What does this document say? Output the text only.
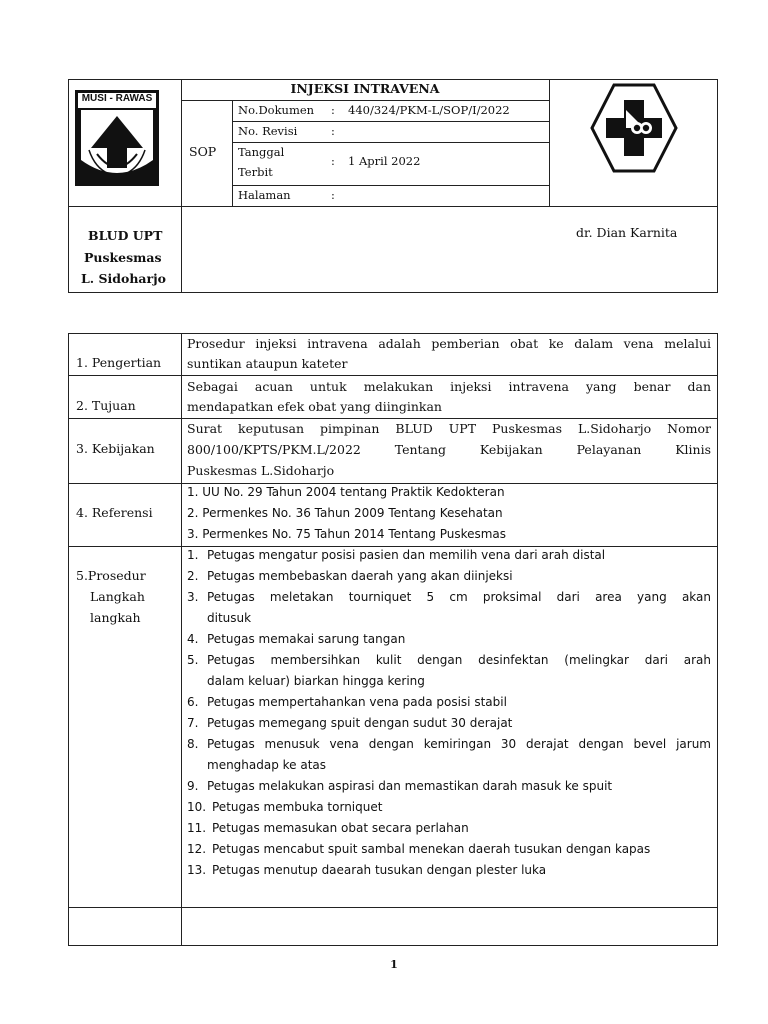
MUSI - RAWAS
INJEKSI INTRAVENA
SOP
No.Dokumen : 440/324/PKM-L/SOP/I/2022
No. Revisi	:
Tanggal
Terbit
: 1 April 2022
Halaman	:
BLUD UPT
Puskesmas
L. Sidoharjo
dr. Dian Karnita
1. Pengertian
Prosedur injeksi intravena adalah pemberian obat ke dalam vena melalui
suntikan ataupun kateter
2. Tujuan
Sebagai acuan untuk melakukan injeksi intravena yang benar dan
mendapatkan efek obat yang diinginkan
3. Kebijakan
Surat keputusan pimpinan BLUD UPT Puskesmas L.Sidoharjo Nomor
800/100/KPTS/PKM.L/2022 Tentang Kebijakan Pelayanan Klinis
Puskesmas L.Sidoharjo
4. Referensi
1. UU No. 29 Tahun 2004 tentang Praktik Kedokteran
2. Permenkes No. 36 Tahun 2009 Tentang Kesehatan
3. Permenkes No. 75 Tahun 2014 Tentang Puskesmas
5.Prosedur
Langkah
langkah
1. Petugas mengatur posisi pasien dan memilih vena dari arah distal
2. Petugas membebaskan daerah yang akan diinjeksi
3. Petugas meletakan tourniquet 5 cm proksimal dari area yang akan
ditusuk
4. Petugas memakai sarung tangan
5. Petugas membersihkan kulit dengan desinfektan (melingkar dari arah
dalam keluar) biarkan hingga kering
6. Petugas mempertahankan vena pada posisi stabil
7. Petugas memegang spuit dengan sudut 30 derajat
8. Petugas menusuk vena dengan kemiringan 30 derajat dengan bevel jarum
menghadap ke atas
9. Petugas melakukan aspirasi dan memastikan darah masuk ke spuit
10. Petugas membuka torniquet
11. Petugas memasukan obat secara perlahan
12. Petugas mencabut spuit sambal menekan daerah tusukan dengan kapas
13. Petugas menutup daearah tusukan dengan plester luka
1
